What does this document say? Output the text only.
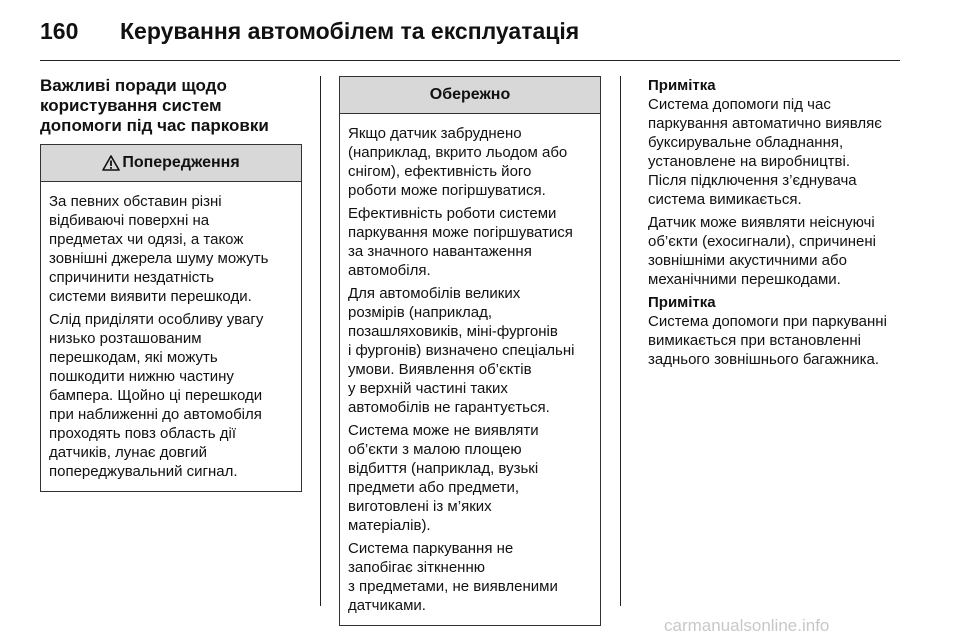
160 Керування автомобілем та експлуатація
Важливі поради щодо
користування систем
допомоги під час парковки
Попередження

За певних обставин різні
відбиваючі поверхні на
предметах чи одязі, а також
зовнішні джерела шуму можуть
спричинити нездатність
системи виявити перешкоди.

Слід приділяти особливу увагу
низько розташованим
перешкодам, які можуть
пошкодити нижню частину
бампера. Щойно ці перешкоди
при наближенні до автомобіля
проходять повз область дії
датчиків, лунає довгий
попереджувальний сигнал.

Обережно

Якщо датчик забруднено
(наприклад, вкрито льодом або
снігом), ефективність його
роботи може погіршуватися.

Ефективність роботи системи
паркування може погіршуватися
за значного навантаження
автомобіля.

Для автомобілів великих
розмірів (наприклад,
позашляховиків, міні-фургонів
і фургонів) визначено спеціальні
умови. Виявлення об’єктів
у верхній частині таких
автомобілів не гарантується.

Система може не виявляти
об’єкти з малою площею
відбиття (наприклад, вузькі
предмети або предмети,
виготовлені із м’яких
матеріалів).

Система паркування не
запобігає зіткненню
з предметами, не виявленими
датчиками.

Примітка

Система допомоги під час
паркування автоматично виявляє
буксирувальне обладнання,
установлене на виробництві.
Після підключення з’єднувача
система вимикається.

Датчик може виявляти неіснуючі
об’єкти (ехосигнали), спричинені
зовнішніми акустичними або
механічними перешкодами.

Примітка

Система допомоги при паркуванні
вимикається при встановленні
заднього зовнішнього багажника.

carmanualsonline.info
